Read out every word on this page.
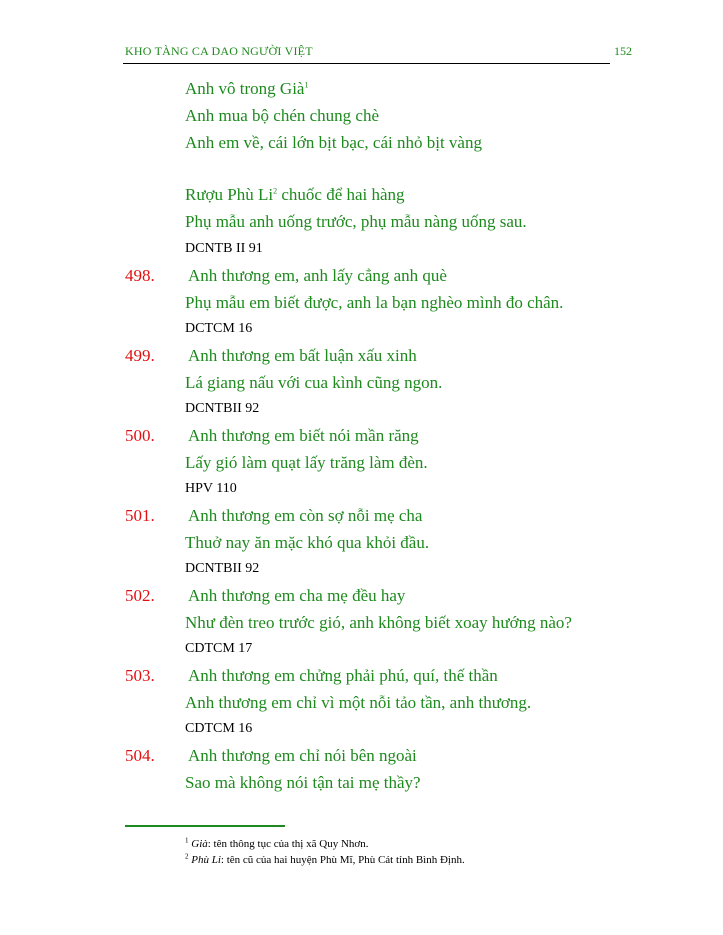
KHO TÀNG CA DAO NGƯỜI VIỆT	152
Anh vô trong Già$^1$
Anh mua bộ chén chung chè
Anh em về, cái lớn bịt bạc, cái nhỏ bịt vàng
Rượu Phù Li$^2$ chuốc để hai hàng
Phụ mẫu anh uống trước, phụ mẫu nàng uống sau.
DCNTB II 91
498. Anh thương em, anh lấy cẳng anh què
Phụ mẫu em biết được, anh la bạn nghèo mình đo chân.
DCTCM 16
499. Anh thương em bất luận xấu xinh
Lá giang nấu với cua kình cũng ngon.
DCNTBII 92
500. Anh thương em biết nói mần răng
Lấy gió làm quạt lấy trăng làm đèn.
HPV 110
501. Anh thương em còn sợ nỗi mẹ cha
Thuở nay ăn mặc khó qua khỏi đầu.
DCNTBII 92
502. Anh thương em cha mẹ đều hay
Như đèn treo trước gió, anh không biết xoay hướng nào?
CDTCM 17
503. Anh thương em chửng phải phú, quí, thế thần
Anh thương em chỉ vì một nỗi tảo tần, anh thương.
CDTCM 16
504. Anh thương em chỉ nói bên ngoài
Sao mà không nói tận tai mẹ thầy?
$^1$ Già: tên thông tục của thị xã Quy Nhơn.
$^2$ Phù Li: tên cũ của hai huyện Phù Mĩ, Phù Cát tỉnh Bình Định.
